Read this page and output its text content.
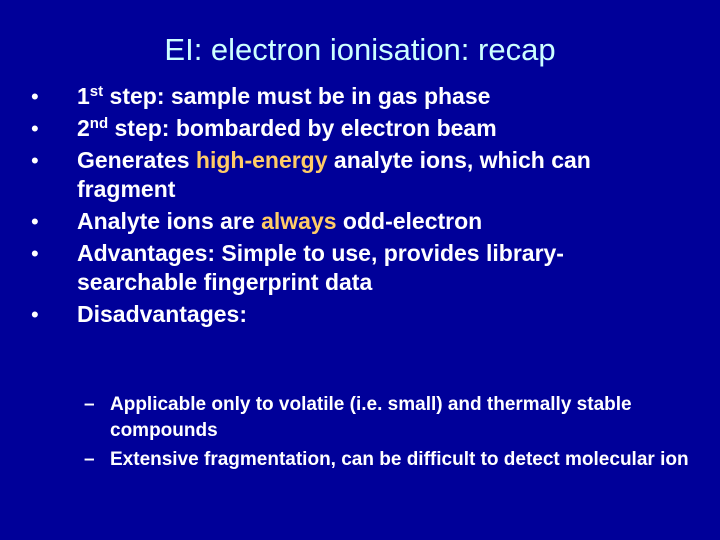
EI: electron ionisation: recap
• 1st step: sample must be in gas phase
• 2nd step: bombarded by electron beam
• Generates high-energy analyte ions, which can fragment
• Analyte ions are always odd-electron
• Advantages: Simple to use, provides library-searchable fingerprint data
• Disadvantages:
– Applicable only to volatile (i.e. small) and thermally stable compounds
– Extensive fragmentation, can be difficult to detect molecular ion
